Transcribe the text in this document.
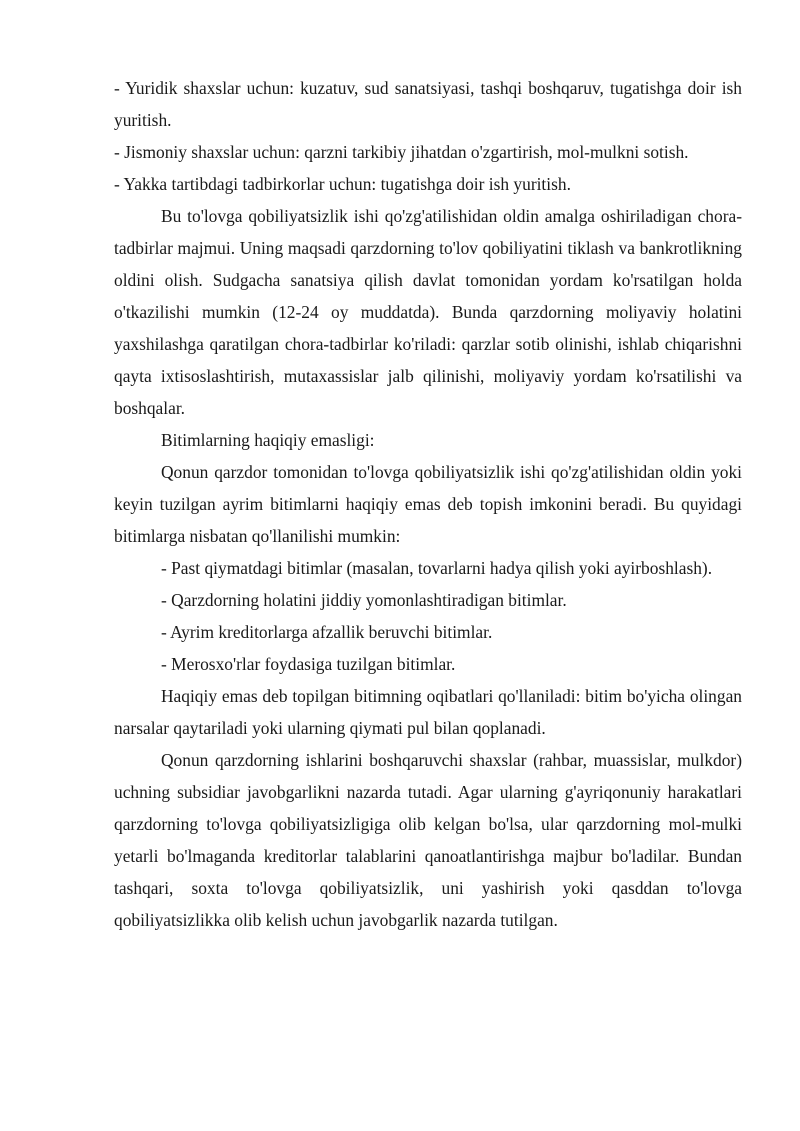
- Yuridik shaxslar uchun: kuzatuv, sud sanatsiyasi, tashqi boshqaruv, tugatishga doir ish yuritish.

- Jismoniy shaxslar uchun: qarzni tarkibiy jihatdan o'zgartirish, mol-mulkni sotish.

- Yakka tartibdagi tadbirkorlar uchun: tugatishga doir ish yuritish.

Bu to'lovga qobiliyatsizlik ishi qo'zg'atilishidan oldin amalga oshiriladigan chora-tadbirlar majmui. Uning maqsadi qarzdorning to'lov qobiliyatini tiklash va bankrotlikning oldini olish. Sudgacha sanatsiya qilish davlat tomonidan yordam ko'rsatilgan holda o'tkazilishi mumkin (12-24 oy muddatda). Bunda qarzdorning moliyaviy holatini yaxshilashga qaratilgan chora-tadbirlar ko'riladi: qarzlar sotib olinishi, ishlab chiqarishni qayta ixtisoslashtirish, mutaxassislar jalb qilinishi, moliyaviy yordam ko'rsatilishi va boshqalar.

Bitimlarning haqiqiy emasligi:

Qonun qarzdor tomonidan to'lovga qobiliyatsizlik ishi qo'zg'atilishidan oldin yoki keyin tuzilgan ayrim bitimlarni haqiqiy emas deb topish imkonini beradi. Bu quyidagi bitimlarga nisbatan qo'llanilishi mumkin:

- Past qiymatdagi bitimlar (masalan, tovarlarni hadya qilish yoki ayirboshlash).

- Qarzdorning holatini jiddiy yomonlashtiradigan bitimlar.

- Ayrim kreditorlarga afzallik beruvchi bitimlar.

- Merosxo'rlar foydasiga tuzilgan bitimlar.

Haqiqiy emas deb topilgan bitimning oqibatlari qo'llaniladi: bitim bo'yicha olingan narsalar qaytariladi yoki ularning qiymati pul bilan qoplanadi.

Qonun qarzdorning ishlarini boshqaruvchi shaxslar (rahbar, muassislar, mulkdor) uchning subsidiar javobgarlikni nazarda tutadi. Agar ularning g'ayriqonuniy harakatlari qarzdorning to'lovga qobiliyatsizligiga olib kelgan bo'lsa, ular qarzdorning mol-mulki yetarli bo'lmaganda kreditorlar talablarini qanoatlantirishga majbur bo'ladilar. Bundan tashqari, soxta to'lovga qobiliyatsizlik, uni yashirish yoki qasddan to'lovga qobiliyatsizlikka olib kelish uchun javobgarlik nazarda tutilgan.
